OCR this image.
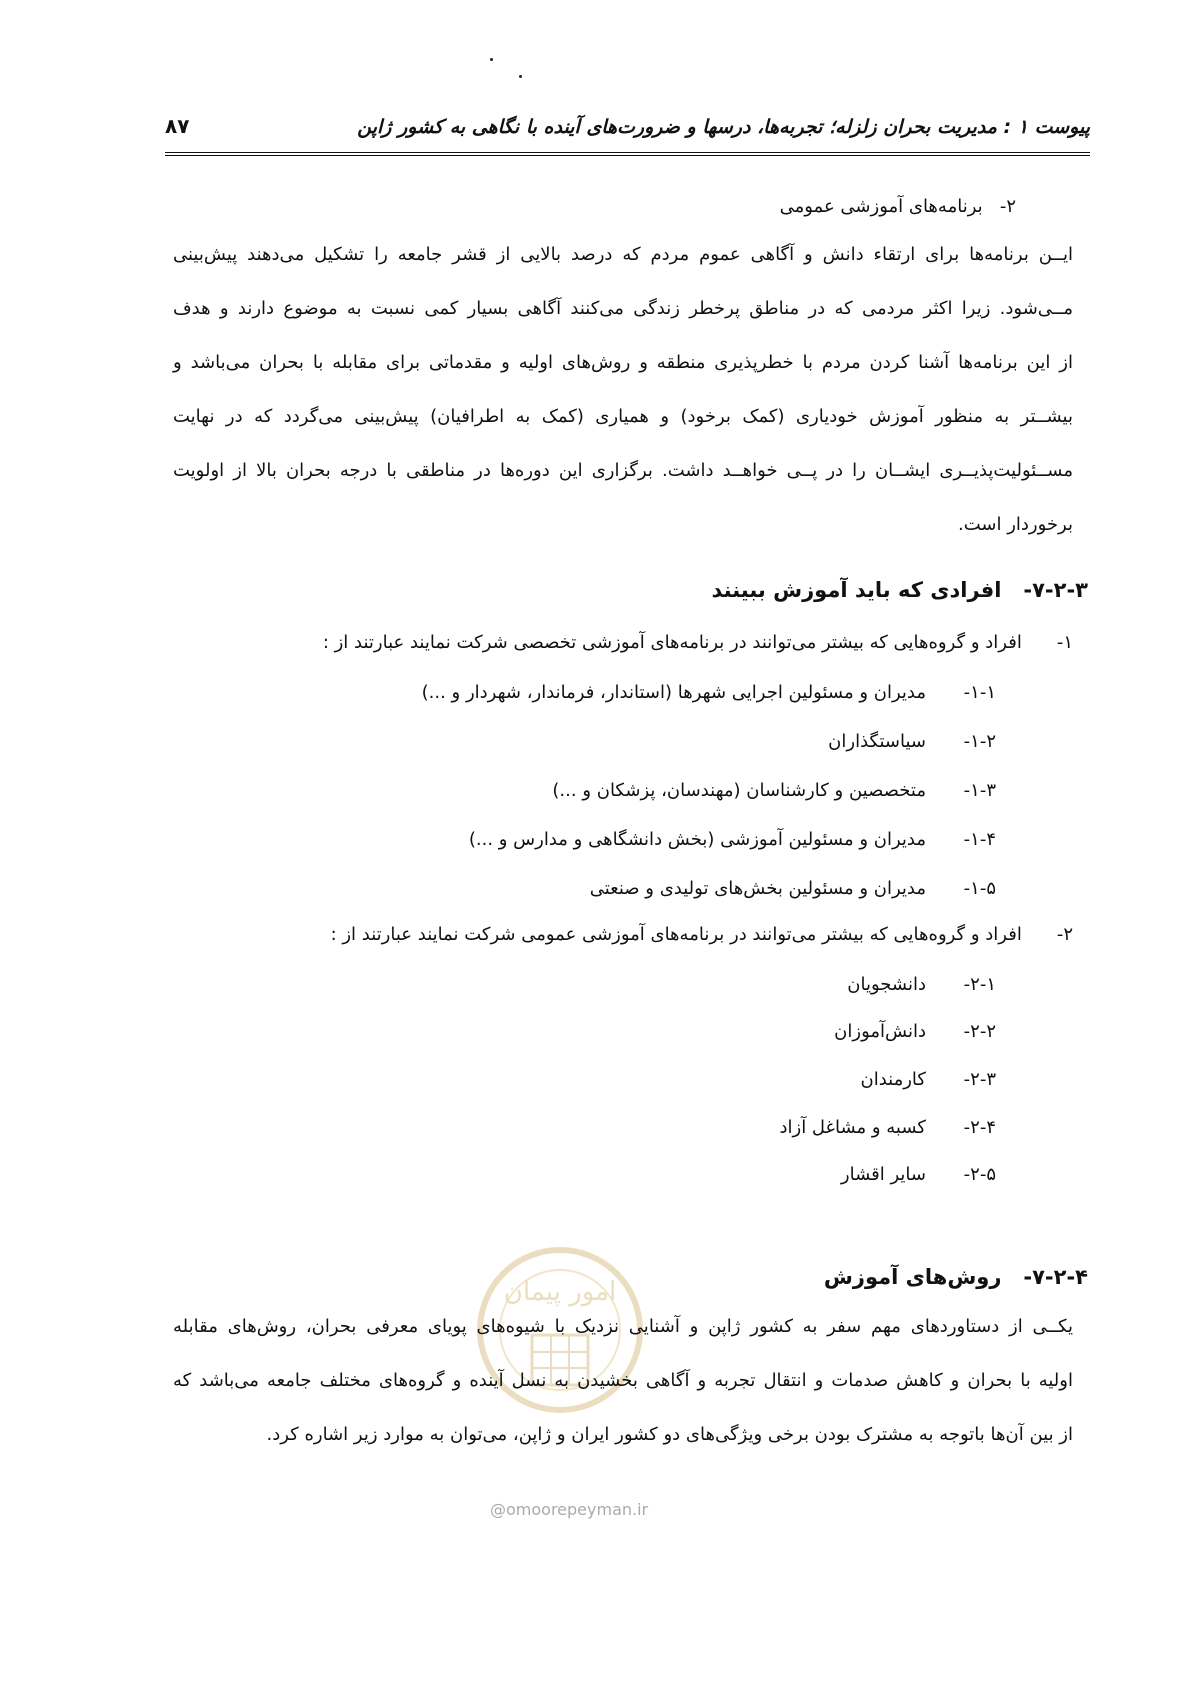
پیوست ۱ : مدیریت بحران زلزله؛ تجربه‌ها، درسها و ضرورت‌های آینده با نگاهی به کشور ژاپن
۸۷
۲-   برنامه‌های آموزشی عمومی
ایــن برنامه‌ها برای ارتقاء دانش و آگاهی عموم مردم که درصد بالایی از قشر جامعه را تشکیل می‌دهند پیش‌بینی
مــی‌شود. زیرا اکثر مردمی که در مناطق پرخطر زندگی می‌کنند آگاهی بسیار کمی نسبت به موضوع دارند و هدف
از این برنامه‌ها آشنا کردن مردم با خطرپذیری منطقه و روش‌های اولیه و مقدماتی برای مقابله با بحران می‌باشد و
بیشــتر به منظور آموزش خودیاری (کمک برخود) و همیاری (کمک به اطرافیان) پیش‌بینی می‌گردد که در نهایت
مســئولیت‌پذیــری ایشــان را در پــی خواهــد داشت. برگزاری این دوره‌ها در مناطقی با درجه بحران بالا از اولویت
برخوردار است.
۷-۲-۳-   افرادی که باید آموزش ببینند
۱-   افراد و گروه‌هایی که بیشتر می‌توانند در برنامه‌های آموزشی تخصصی شرکت نمایند عبارتند از :
۱-۱-مدیران و مسئولین اجرایی شهرها (استاندار، فرماندار، شهردار و ...)
۱-۲-سیاستگذاران
۱-۳-متخصصین و کارشناسان (مهندسان، پزشکان و ...)
۱-۴-مدیران و مسئولین آموزشی (بخش دانشگاهی و مدارس و ...)
۱-۵-مدیران و مسئولین بخش‌های تولیدی و صنعتی
۲-   افراد و گروه‌هایی که بیشتر می‌توانند در برنامه‌های آموزشی عمومی شرکت نمایند عبارتند از :
۲-۱-دانشجویان
۲-۲-دانش‌آموزان
۲-۳-کارمندان
۲-۴-کسبه و مشاغل آزاد
۲-۵-سایر اقشار
امور پیمان	۷-۲-۴-   روش‌های آموزش
یکــی از دستاوردهای مهم سفر به کشور ژاپن و آشنایی نزدیک با شیوه‌های پویای معرفی بحران، روش‌های مقابله
اولیه با بحران و کاهش صدمات و انتقال تجربه و آگاهی بخشیدن به نسل آینده و گروه‌های مختلف جامعه می‌باشد که
از بین آن‌ها باتوجه به مشترک بودن برخی ویژگی‌های دو کشور ایران و ژاپن، می‌توان به موارد زیر اشاره کرد.
@omoorepeyman.ir
